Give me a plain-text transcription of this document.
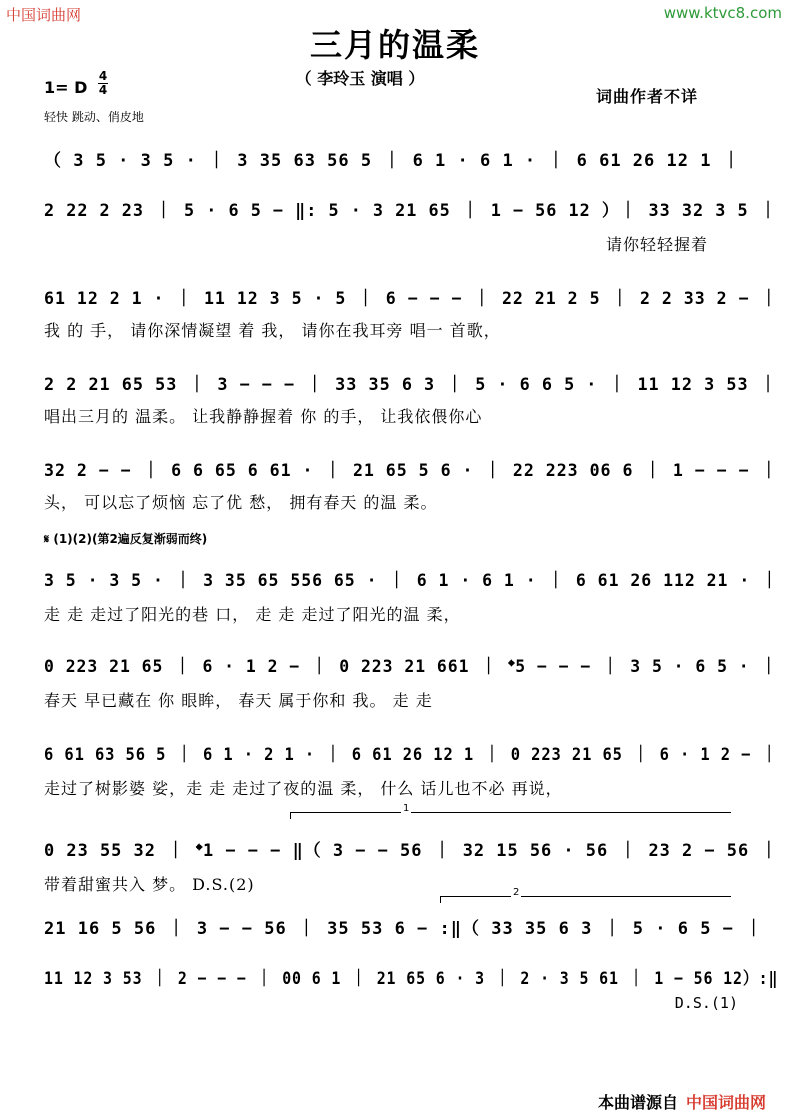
中国词曲网	www.ktvc8.com
三月的温柔
（ 李玲玉 演唱 ）
1= D
4
4
轻快 跳动、俏皮地
词曲作者不详
（ 3 5 · 3 5 · ｜ 3 35 63 56 5 ｜ 6 1 · 6 1 · ｜ 6 61 26 12 1 ｜
2 22 2 23 ｜ 5 · 6 5 − ‖: 5 · 3 21 65 ｜ 1 − 56 12 ）｜ 33 32 3 5 ｜
请你轻轻握着
61 12 2 1 · ｜ 11 12 3 5 · 5 ｜ 6 − − − ｜ 22 21 2 5 ｜ 2 2 33 2 − ｜
我 的 手， 请你深情凝望 着 我， 请你在我耳旁 唱一 首歌，
2 2 21 65 53 ｜ 3 − − − ｜ 33 35 6 3 ｜ 5 · 6 6 5 · ｜ 11 12 3 53 ｜
唱出三月的 温柔。 让我静静握着 你 的手， 让我依偎你心
32 2 − − ｜ 6 6 65 6 61 · ｜ 21 65 5 6 · ｜ 22 223 06 6 ｜ 1 − − − ｜
头， 可以忘了烦恼 忘了优 愁， 拥有春天 的温 柔。
𝄋 (1)(2)(第2遍反复渐弱而终)
3 5 · 3 5 · ｜ 3 35 65 556 65 · ｜ 6 1 · 6 1 · ｜ 6 61 26 112 21 · ｜
走 走 走过了阳光的巷 口， 走 走 走过了阳光的温 柔，
0 223 21 65 ｜ 6 · 1 2 − ｜ 0 223 21 661 ｜ 𝄌5 − − − ｜ 3 5 · 6 5 · ｜
春天 早已藏在 你 眼眸， 春天 属于你和 我。 走 走
6 61 63 56 5 ｜ 6 1 · 2 1 · ｜ 6 61 26 12 1 ｜ 0 223 21 65 ｜ 6 · 1 2 − ｜
走过了树影婆 娑，走 走 走过了夜的温 柔， 什么 话儿也不必 再说，
1
0 23 55 32 ｜ 𝄌1 − − − ‖（ 3 − − 56 ｜ 32 15 56 · 56 ｜ 23 2 − 56 ｜
带着甜蜜共入 梦。 D.S.(2)	2
21 16 5 56 ｜ 3 − − 56 ｜ 35 53 6 − :‖（ 33 35 6 3 ｜ 5 · 6 5 − ｜
11 12 3 53 ｜ 2 − − − ｜ 00 6 1 ｜ 21 65 6 · 3 ｜ 2 · 3 5 61 ｜ 1 − 56 12）:‖
D.S.(1)
本曲谱源自 中国词曲网
